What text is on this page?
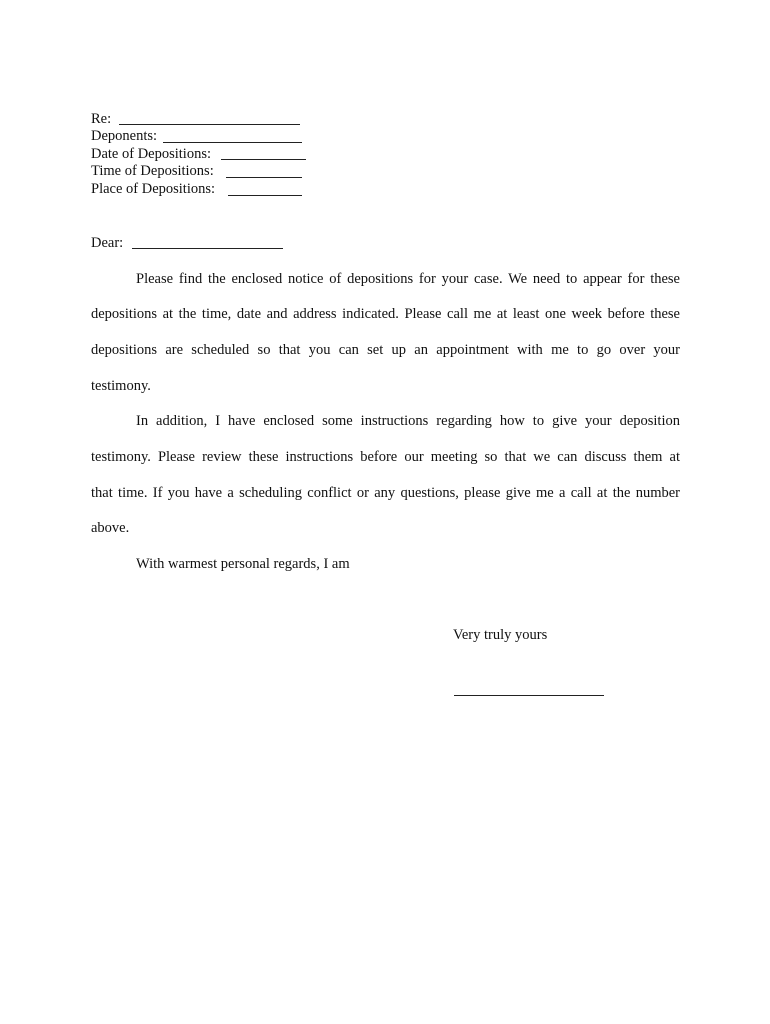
Re:
Deponents:
Date of Depositions:
Time of Depositions:
Place of Depositions:
Dear:
Please find the enclosed notice of depositions for your case. We need to appear for these
depositions at the time, date and address indicated. Please call me at least one week before these
depositions are scheduled so that you can set up an appointment with me to go over your
testimony.
In addition, I have enclosed some instructions regarding how to give your deposition
testimony. Please review these instructions before our meeting so that we can discuss them at
that time. If you have a scheduling conflict or any questions, please give me a call at the number
above.
With warmest personal regards, I am
Very truly yours
